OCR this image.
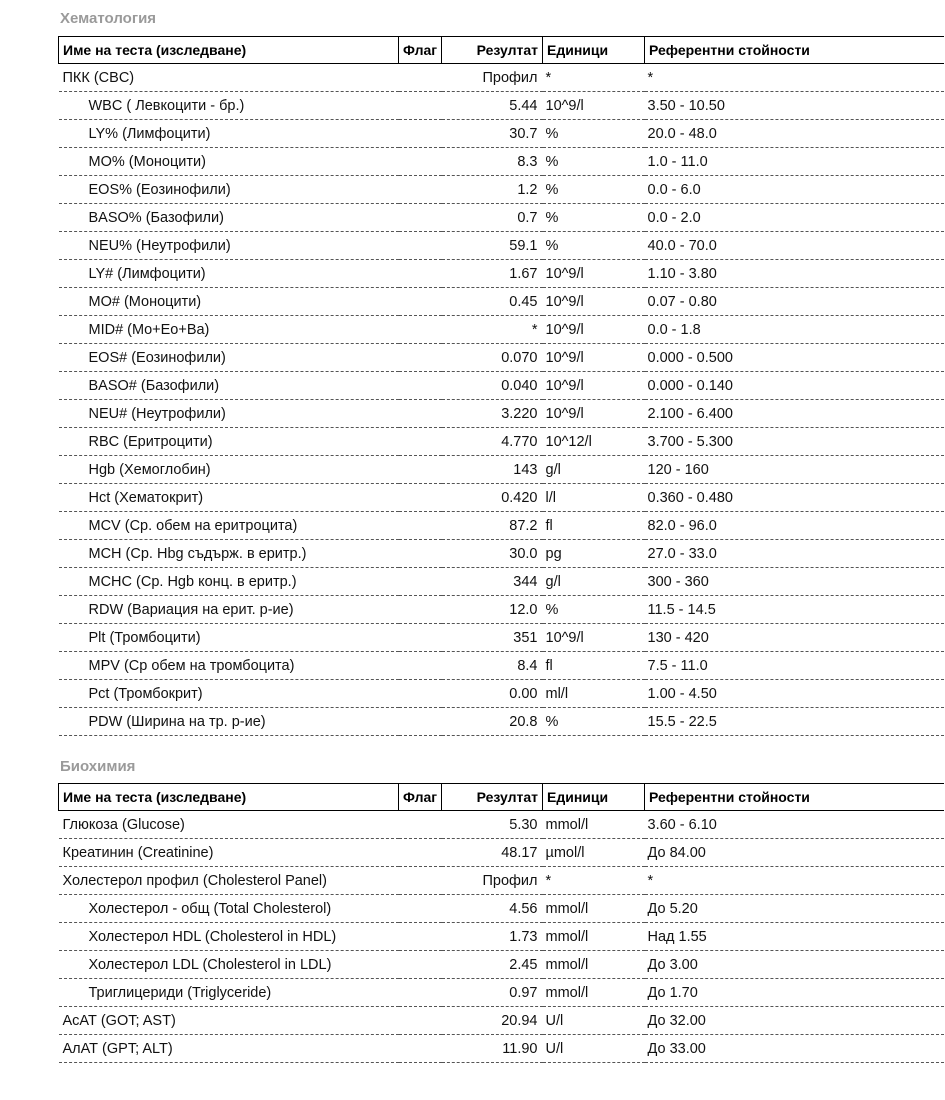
Хематология
Име на теста (изследване)	Флаг	Резултат	Единици	Референтни стойности
ПКК (CBC)		Профил	*	*
WBC ( Левкоцити - бр.)		5.44	10^9/l	3.50 - 10.50
LY% (Лимфоцити)		30.7	%	20.0 - 48.0
MO% (Моноцити)		8.3	%	1.0 - 11.0
EOS% (Еозинофили)		1.2	%	0.0 - 6.0
BASO% (Базофили)		0.7	%	0.0 - 2.0
NEU% (Неутрофили)		59.1	%	40.0 - 70.0
LY# (Лимфоцити)		1.67	10^9/l	1.10 - 3.80
MO# (Моноцити)		0.45	10^9/l	0.07 - 0.80
MID# (Mo+Eo+Ba)		*	10^9/l	0.0 - 1.8
EOS# (Еозинофили)		0.070	10^9/l	0.000 - 0.500
BASO# (Базофили)		0.040	10^9/l	0.000 - 0.140
NEU# (Неутрофили)		3.220	10^9/l	2.100 - 6.400
RBC (Еритроцити)		4.770	10^12/l	3.700 - 5.300
Hgb (Хемоглобин)		143	g/l	120 - 160
Hct (Хематокрит)		0.420	l/l	0.360 - 0.480
MCV (Ср. обем на еритроцита)		87.2	fl	82.0 - 96.0
MCH (Ср. Hbg съдърж. в еритр.)		30.0	pg	27.0 - 33.0
MCHC (Ср. Hgb конц. в еритр.)		344	g/l	300 - 360
RDW (Вариация на ерит. р-ие)		12.0	%	11.5 - 14.5
Plt (Тромбоцити)		351	10^9/l	130 - 420
MPV (Ср обем на тромбоцита)		8.4	fl	7.5 - 11.0
Pct (Тромбокрит)		0.00	ml/l	1.00 - 4.50
PDW (Ширина на тр. р-ие)		20.8	%	15.5 - 22.5
Биохимия
Име на теста (изследване)	Флаг	Резултат	Единици	Референтни стойности
Глюкоза (Glucose)		5.30	mmol/l	3.60 - 6.10
Креатинин (Creatinine)		48.17	µmol/l	До 84.00
Холестерол профил (Cholesterol Panel)		Профил	*	*
Холестерол - общ (Total Cholesterol)		4.56	mmol/l	До 5.20
Холестерол HDL (Cholesterol in HDL)		1.73	mmol/l	Над 1.55
Холестерол LDL (Cholesterol in LDL)		2.45	mmol/l	До 3.00
Триглицериди (Triglyceride)		0.97	mmol/l	До 1.70
АсАТ (GOT; AST)		20.94	U/l	До 32.00
АлАТ (GPT; ALT)		11.90	U/l	До 33.00
